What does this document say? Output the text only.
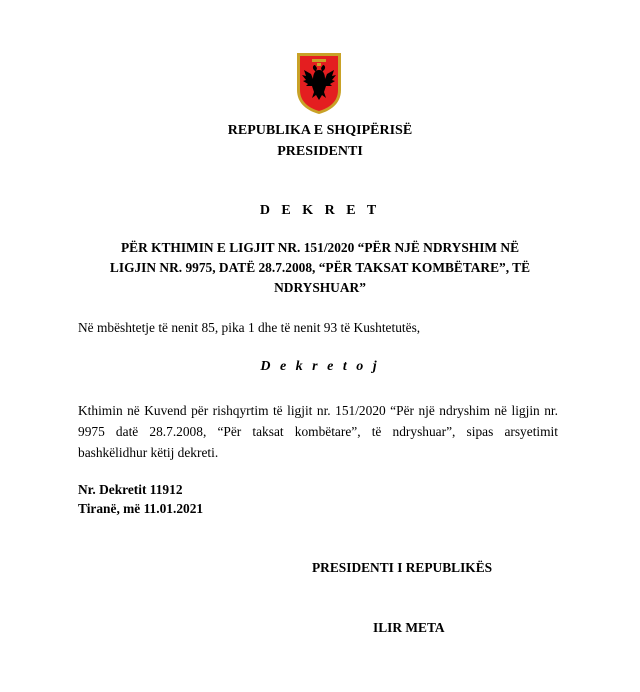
REPUBLIKA E SHQIPËRISË
PRESIDENTI
D E K R E T
PËR KTHIMIN E LIGJIT NR. 151/2020 “PËR NJË NDRYSHIM NË
LIGJIN NR. 9975, DATË 28.7.2008, “PËR TAKSAT KOMBËTARE”, TË
NDRYSHUAR”
Në mbështetje të nenit 85, pika 1 dhe të nenit 93 të Kushtetutës,
D e k r e t o j
Kthimin në Kuvend për rishqyrtim të ligjit nr. 151/2020 “Për një ndryshim në ligjin nr. 9975 datë 28.7.2008, “Për taksat kombëtare”, të ndryshuar”, sipas arsyetimit bashkëlidhur këtij dekreti.
Nr. Dekretit 11912
Tiranë, më 11.01.2021
PRESIDENTI I REPUBLIKËS
ILIR META
